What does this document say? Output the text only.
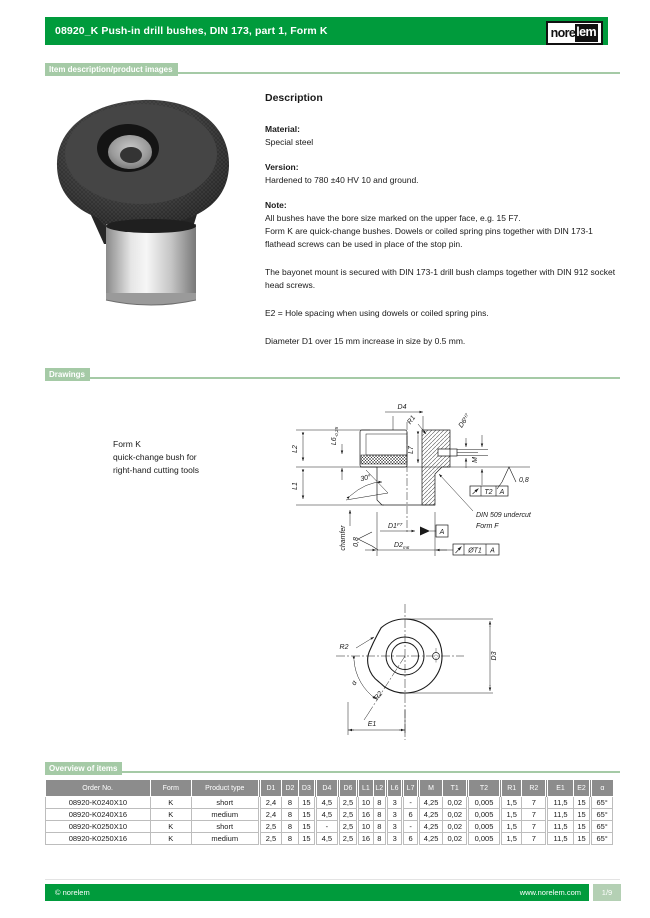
08920_K Push-in drill bushes, DIN 173, part 1, Form K	nore lem
Item description/product images

Description

Material:

Special steel

Version:

Hardened to 780 ±40 HV 10 and ground.

Note:

All bushes have the bore size marked on the upper face, e.g. 15 F7.

Form K are quick-change bushes. Dowels or coiled spring pins together with DIN 173-1 flathead screws can be used in place of the stop pin.

The bayonet mount is secured with DIN 173-1 drill bush clamps together with DIN 912 socket head screws.

E2 = Hole spacing when using dowels or coiled spring pins.

Diameter D1 over 15 mm increase in size by 0.5 mm.

Drawings
Form K
quick-change bush for
right-hand cutting tools
L2
L1
L6-0,25
L7
D4
R1	D6H7
M
30°
chamfer
0,8
0,8
D1F7
D2m6
A
T2 A
ØT1 A
DIN 509 undercut
Form F
R2
R2
α
D3
E1
Overview of items
Order No.	Form	Product type	D1	D2	D3	D4	D6	L1	L2	L6	L7	M	T1	T2	R1	R2	E1	E2	α
08920-K0240X10	K	short	2,4	8	15	4,5	2,5	10	8	3	-	4,25	0,02	0,005	1,5	7	11,5	15	65°
08920-K0240X16	K	medium	2,4	8	15	4,5	2,5	16	8	3	6	4,25	0,02	0,005	1,5	7	11,5	15	65°
08920-K0250X10	K	short	2,5	8	15	-	2,5	10	8	3	-	4,25	0,02	0,005	1,5	7	11,5	15	65°
08920-K0250X16	K	medium	2,5	8	15	4,5	2,5	16	8	3	6	4,25	0,02	0,005	1,5	7	11,5	15	65°
© norelem	www.norelem.com	1/9
